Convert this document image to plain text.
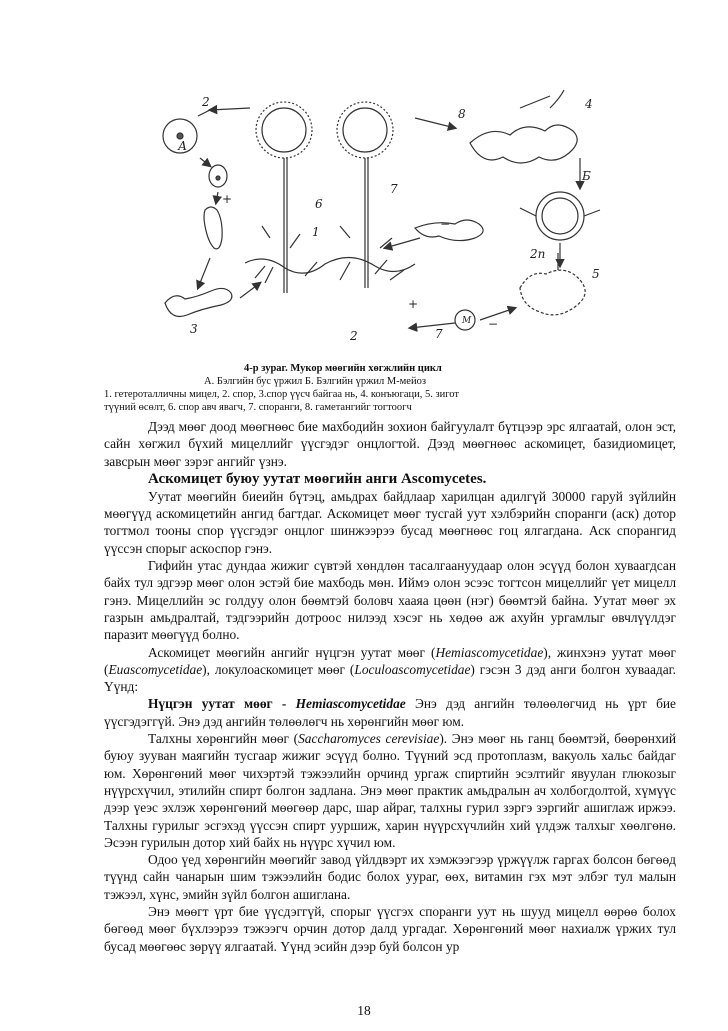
2
А
+
3
6
7
1
−
8
4
Б
2n
5
М
7
2
+
−
4-р зураг. Мукор мөөгийн хөгжлийн цикл
А. Бэлгийн бус үржил Б. Бэлгийн үржил М-мейоз
1. гетероталличны мицел, 2. спор, 3.спор үүсч байгаа нь, 4. конъюгаци, 5. зигот
түүний өсөлт, 6. спор авч явагч, 7. споранги, 8. гаметангийг тогтоогч

Дээд мөөг доод мөөгнөөс бие махбодийн зохион байгуулалт бүтцээр эрс ялгаатай, олон эст, сайн хөгжил бүхий мицеллийг үүсгэдэг онцлогтой. Дээд мөөгнөөс аскомицет, базидиомицет, завсрын мөөг зэрэг ангийг үзнэ.

Аскомицет буюу уутат мөөгийн анги Ascomycetes.

Уутат мөөгийн биеийн бүтэц, амьдрах байдлаар харилцан адилгүй 30000 гаруй зүйлийн мөөгүүд аскомицетийн ангид багтдаг. Аскомицет мөөг тусгай уут хэлбэрийн споранги (аск) дотор тогтмол тооны спор үүсгэдэг онцлог шинжээрээ бусад мөөгнөөс гоц ялгагдана. Аск спорангид үүссэн спорыг аскоспор гэнэ.

Гифийн утас дундаа жижиг сүвтэй хөндлөн тасалгаануудаар олон эсүүд болон хуваагдсан байх тул эдгээр мөөг олон эстэй бие махбодь мөн. Иймэ олон эсээс тогтсон мицеллийг үет мицелл гэнэ. Мицеллийн эс голдуу олон бөөмтэй боловч хааяа цөөн (нэг) бөөмтэй байна. Уутат мөөг эх газрын амьдралтай, тэдгээрийн дотроос нилээд хэсэг нь хөдөө аж ахуйн ургамлыг өвчлүүлдэг паразит мөөгүүд болно.

Аскомицет мөөгийн ангийг нүцгэн уутат мөөг (Hemiascomycetidae), жинхэнэ уутат мөөг (Euascomycetidae), локулоаскомицет мөөг (Loculoascomycetidae) гэсэн 3 дэд анги болгон хуваадаг. Үүнд:

Нүцгэн уутат мөөг - Hemiascomycetidae Энэ дэд ангийн төлөөлөгчид нь үрт бие үүсгэдэггүй. Энэ дэд ангийн төлөөлөгч нь хөрөнгийн мөөг юм.

Талхны хөрөнгийн мөөг (Saccharomyces cerevisiae). Энэ мөөг нь ганц бөөмтэй, бөөрөнхий буюу зууван маягийн тусгаар жижиг эсүүд болно. Түүний эсд протоплазм, вакуоль хальс байдаг юм. Хөрөнгөний мөөг чихэртэй тэжээлийн орчинд ургаж спиртийн эсэлтийг явуулан глюкозыг нүүрсхүчил, этилийн спирт болгон задлана. Энэ мөөг практик амьдралын ач холбогдолтой, хүмүүс дээр үеэс эхлэж хөрөнгөний мөөгөөр дарс, шар айраг, талхны гурил зэргэ зэргийг ашиглаж иржээ. Талхны гурилыг эсгэхэд үүссэн спирт ууршиж, харин нүүрсхүчлийн хий үлдэж талхыг хөөлгөнө. Эсээн гурилын дотор хий байх нь нүүрс хүчил юм.

Одоо үед хөрөнгийн мөөгийг завод үйлдвэрт их хэмжээгээр үржүүлж гаргах болсон бөгөөд түүнд сайн чанарын шим тэжээлийн бодис болох уураг, өөх, витамин гэх мэт элбэг тул малын тэжээл, хүнс, эмийн зүйл болгон ашиглана.

Энэ мөөгт үрт бие үүсдэггүй, спорыг үүсгэх споранги уут нь шууд мицелл өөрөө болох бөгөөд мөөг бүхлээрээ тэжээгч орчин дотор далд ургадаг. Хөрөнгөний мөөг нахиалж үржих тул бусад мөөгөөс зөрүү ялгаатай. Үүнд эсийн дээр буй болсон ур

18
